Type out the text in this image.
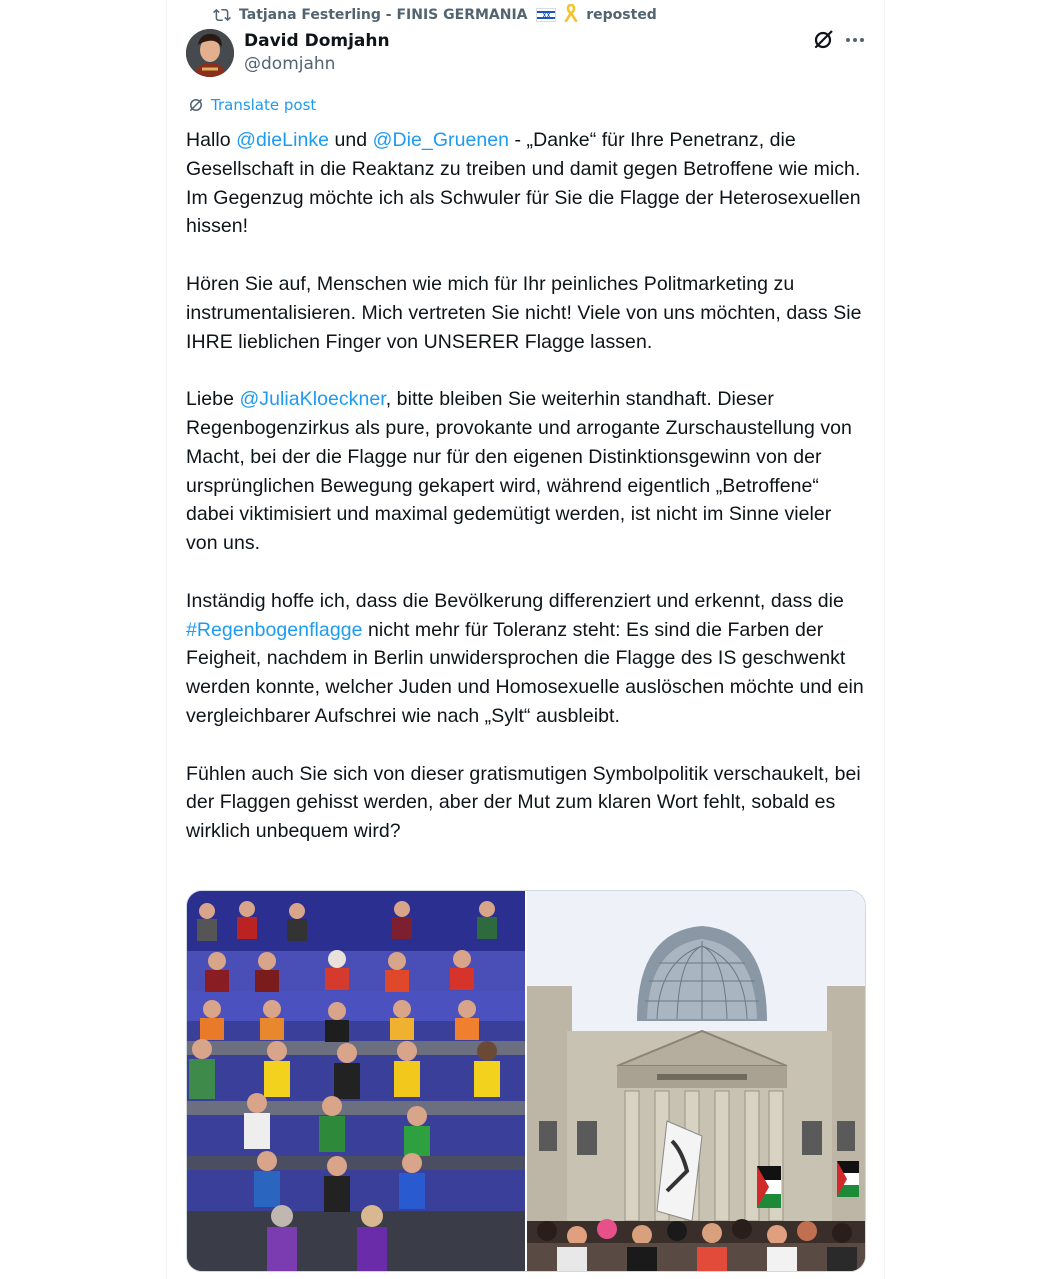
Tatjana Festerling - FINIS GERMANIA
	reposted
David Domjahn
@domjahn
Translate post

Hallo @dieLinke und @Die_Gruenen - „Danke“ für Ihre Penetranz, die Gesellschaft in die Reaktanz zu treiben und damit gegen Betroffene wie mich. Im Gegenzug möchte ich als Schwuler für Sie die Flagge der Heterosexuellen hissen!

Hören Sie auf, Menschen wie mich für Ihr peinliches Politmarketing zu instrumentalisieren. Mich vertreten Sie nicht! Viele von uns möchten, dass Sie IHRE lieblichen Finger von UNSERER Flagge lassen.

Liebe @JuliaKloeckner, bitte bleiben Sie weiterhin standhaft. Dieser Regenbogenzirkus als pure, provokante und arrogante Zurschaustellung von Macht, bei der die Flagge nur für den eigenen Distinktionsgewinn von der ursprünglichen Bewegung gekapert wird, während eigentlich „Betroffene“ dabei viktimisiert und maximal gedemütigt werden, ist nicht im Sinne vieler von uns.

Inständig hoffe ich, dass die Bevölkerung differenziert und erkennt, dass die #Regenbogenflagge nicht mehr für Toleranz steht: Es sind die Farben der Feigheit, nachdem in Berlin unwidersprochen die Flagge des IS geschwenkt werden konnte, welcher Juden und Homosexuelle auslöschen möchte und ein vergleichbarer Aufschrei wie nach „Sylt“ ausbleibt.

Fühlen auch Sie sich von dieser gratismutigen Symbolpolitik verschaukelt, bei der Flaggen gehisst werden, aber der Mut zum klaren Wort fehlt, sobald es wirklich unbequem wird?
